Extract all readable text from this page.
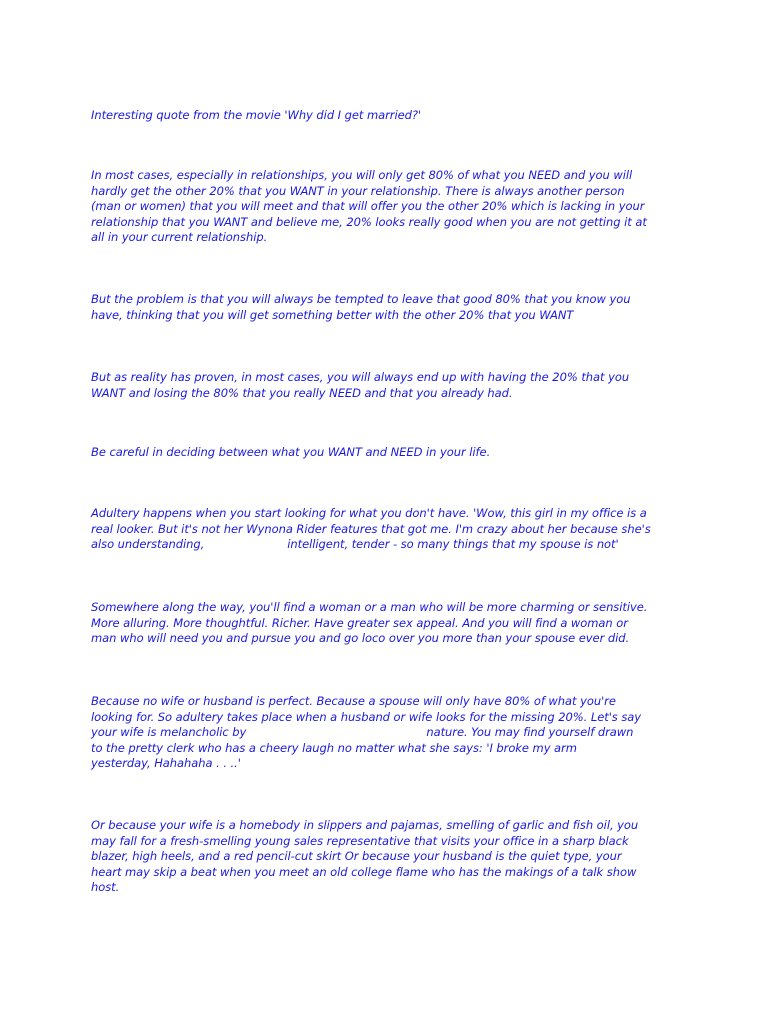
Interesting quote from the movie 'Why did I get married?'

In most cases, especially in relationships, you will only get 80% of what you NEED and you will
hardly get the other 20% that you WANT in your relationship. There is always another person
(man or women) that you will meet and that will offer you the other 20% which is lacking in your
relationship that you WANT and believe me, 20% looks really good when you are not getting it at
all in your current relationship.

But the problem is that you will always be tempted to leave that good 80% that you know you
have, thinking that you will get something better with the other 20% that you WANT

But as reality has proven, in most cases, you will always end up with having the 20% that you
WANT and losing the 80% that you really NEED and that you already had.

Be careful in deciding between what you WANT and NEED in your life.

Adultery happens when you start looking for what you don't have. 'Wow, this girl in my office is a
real looker. But it's not her Wynona Rider features that got me. I'm crazy about her because she's
also understanding,	intelligent, tender - so many things that my spouse is not'

Somewhere along the way, you'll find a woman or a man who will be more charming or sensitive.
More alluring. More thoughtful. Richer. Have greater sex appeal. And you will find a woman or
man who will need you and pursue you and go loco over you more than your spouse ever did.

Because no wife or husband is perfect. Because a spouse will only have 80% of what you're
looking for. So adultery takes place when a husband or wife looks for the missing 20%. Let's say
your wife is melancholic by	nature. You may find yourself drawn
to the pretty clerk who has a cheery laugh no matter what she says: 'I broke my arm
yesterday, Hahahaha . . ..'

Or because your wife is a homebody in slippers and pajamas, smelling of garlic and fish oil, you
may fall for a fresh-smelling young sales representative that visits your office in a sharp black
blazer, high heels, and a red pencil-cut skirt Or because your husband is the quiet type, your
heart may skip a beat when you meet an old college flame who has the makings of a talk show
host.
